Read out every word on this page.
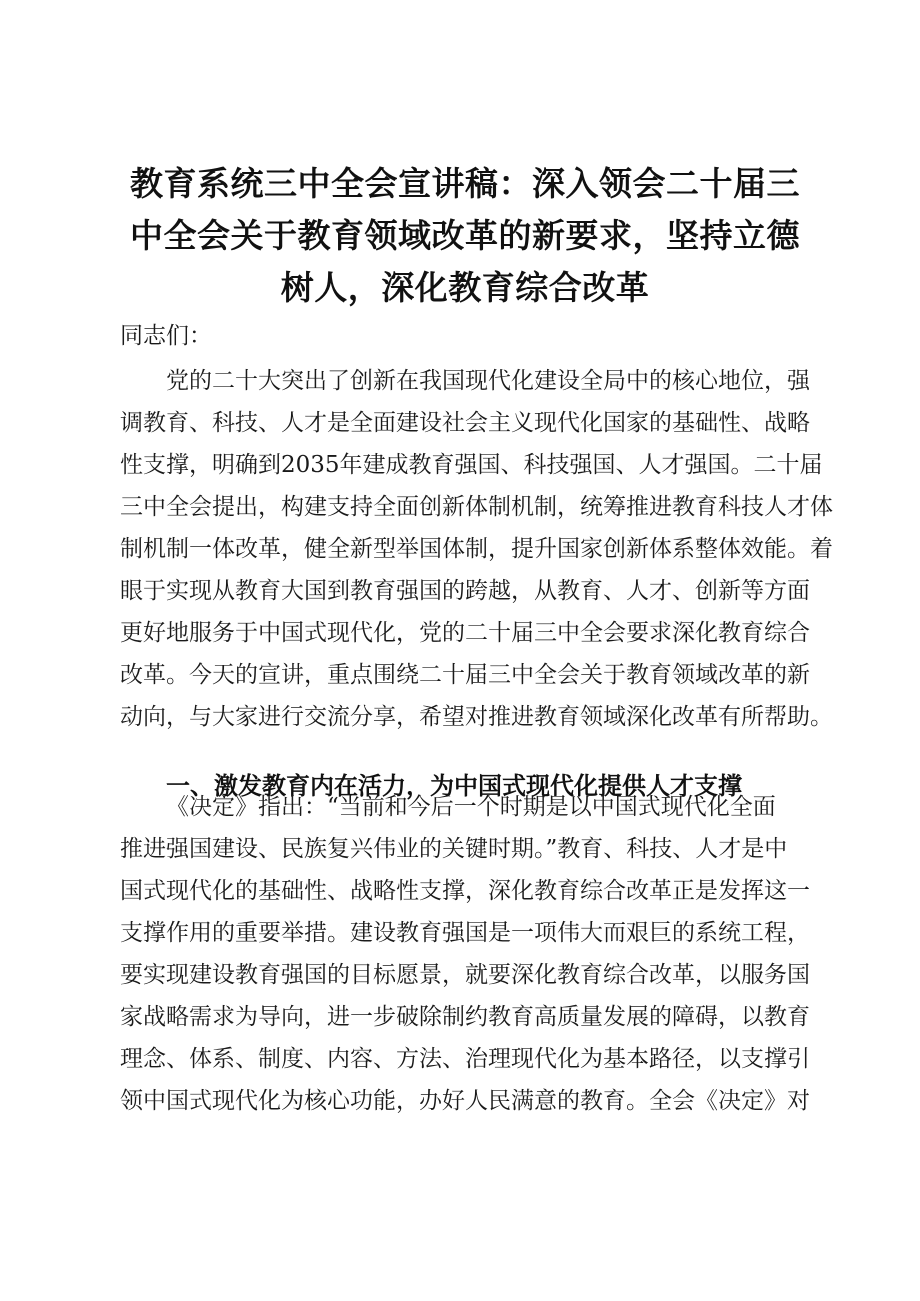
教育系统三中全会宣讲稿：深入领会二十届三
中全会关于教育领域改革的新要求，坚持立德
树人，深化教育综合改革
同志们：
党的二十大突出了创新在我国现代化建设全局中的核心地位，强
调教育、科技、人才是全面建设社会主义现代化国家的基础性、战略
性支撑，明确到2035年建成教育强国、科技强国、人才强国。二十届
三中全会提出，构建支持全面创新体制机制，统筹推进教育科技人才体
制机制一体改革，健全新型举国体制，提升国家创新体系整体效能。着
眼于实现从教育大国到教育强国的跨越，从教育、人才、创新等方面
更好地服务于中国式现代化，党的二十届三中全会要求深化教育综合
改革。今天的宣讲，重点围绕二十届三中全会关于教育领域改革的新
动向，与大家进行交流分享，希望对推进教育领域深化改革有所帮助。
一、激发教育内在活力，为中国式现代化提供人才支撑
《决定》指出：“当前和今后一个时期是以中国式现代化全面
推进强国建设、民族复兴伟业的关键时期。”教育、科技、人才是中
国式现代化的基础性、战略性支撑，深化教育综合改革正是发挥这一
支撑作用的重要举措。建设教育强国是一项伟大而艰巨的系统工程，
要实现建设教育强国的目标愿景，就要深化教育综合改革，以服务国
家战略需求为导向，进一步破除制约教育高质量发展的障碍，以教育
理念、体系、制度、内容、方法、治理现代化为基本路径，以支撑引
领中国式现代化为核心功能，办好人民满意的教育。全会《决定》对
